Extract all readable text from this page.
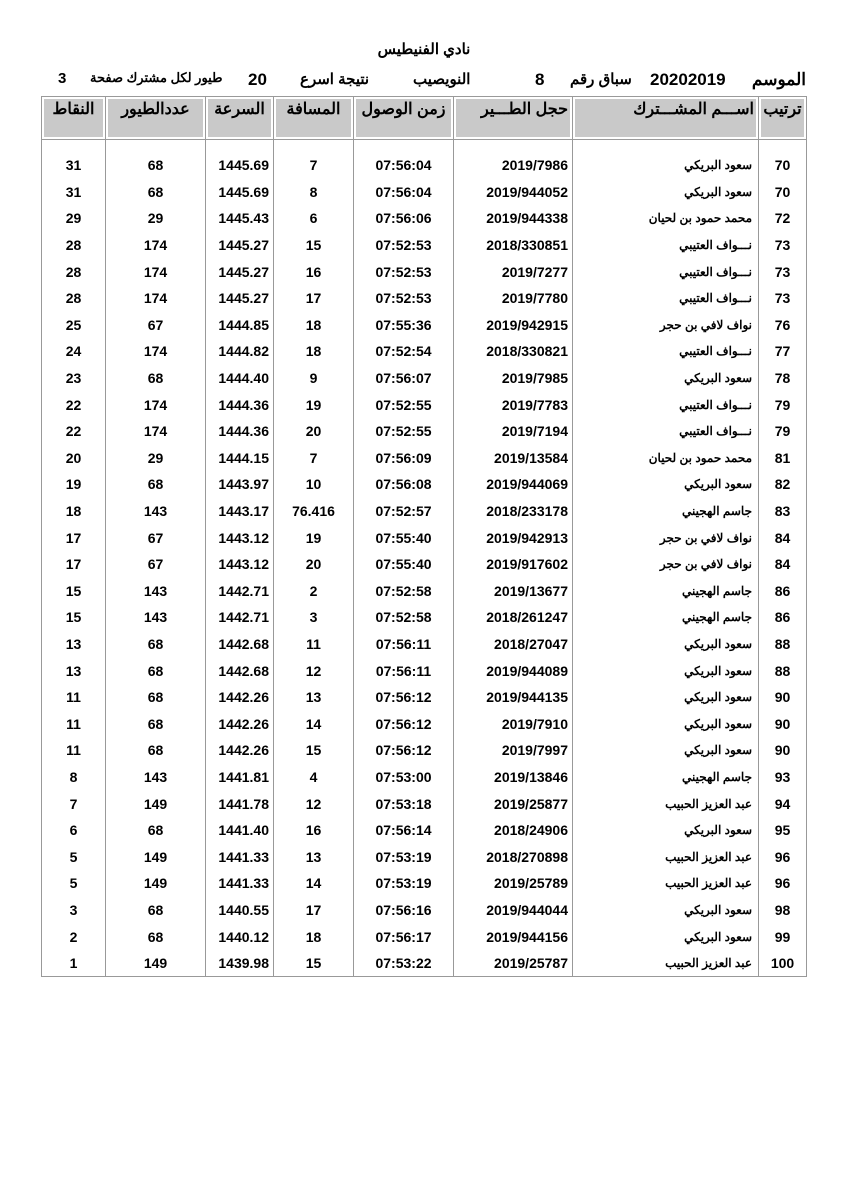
نادي الفنيطيس
الموسم
20202019
سباق رقم
8
النويصيب
نتيجة اسرع
20
طيور لكل مشترك صفحة
3
ترتيب	اســـم المشـــترك	حجل الطـــير	زمن الوصول	المسافة	السرعة	عددالطيور	النقاط

70	سعود البريكي	2019/7986	07:56:04	7	1445.69	68	31
70	سعود البريكي	2019/944052	07:56:04	8	1445.69	68	31
72	محمد حمود بن لحيان	2019/944338	07:56:06	6	1445.43	29	29
73	نـــواف العتيبي	2018/330851	07:52:53	15	1445.27	174	28
73	نـــواف العتيبي	2019/7277	07:52:53	16	1445.27	174	28
73	نـــواف العتيبي	2019/7780	07:52:53	17	1445.27	174	28
76	نواف لافي بن حجر	2019/942915	07:55:36	18	1444.85	67	25
77	نـــواف العتيبي	2018/330821	07:52:54	18	1444.82	174	24
78	سعود البريكي	2019/7985	07:56:07	9	1444.40	68	23
79	نـــواف العتيبي	2019/7783	07:52:55	19	1444.36	174	22
79	نـــواف العتيبي	2019/7194	07:52:55	20	1444.36	174	22
81	محمد حمود بن لحيان	2019/13584	07:56:09	7	1444.15	29	20
82	سعود البريكي	2019/944069	07:56:08	10	1443.97	68	19
83	جاسم الهجيني	2018/233178	07:52:57	76.416	1443.17	143	18
84	نواف لافي بن حجر	2019/942913	07:55:40	19	1443.12	67	17
84	نواف لافي بن حجر	2019/917602	07:55:40	20	1443.12	67	17
86	جاسم الهجيني	2019/13677	07:52:58	2	1442.71	143	15
86	جاسم الهجيني	2018/261247	07:52:58	3	1442.71	143	15
88	سعود البريكي	2018/27047	07:56:11	11	1442.68	68	13
88	سعود البريكي	2019/944089	07:56:11	12	1442.68	68	13
90	سعود البريكي	2019/944135	07:56:12	13	1442.26	68	11
90	سعود البريكي	2019/7910	07:56:12	14	1442.26	68	11
90	سعود البريكي	2019/7997	07:56:12	15	1442.26	68	11
93	جاسم الهجيني	2019/13846	07:53:00	4	1441.81	143	8
94	عبد العزيز الحبيب	2019/25877	07:53:18	12	1441.78	149	7
95	سعود البريكي	2018/24906	07:56:14	16	1441.40	68	6
96	عبد العزيز الحبيب	2018/270898	07:53:19	13	1441.33	149	5
96	عبد العزيز الحبيب	2019/25789	07:53:19	14	1441.33	149	5
98	سعود البريكي	2019/944044	07:56:16	17	1440.55	68	3
99	سعود البريكي	2019/944156	07:56:17	18	1440.12	68	2
100	عبد العزيز الحبيب	2019/25787	07:53:22	15	1439.98	149	1
